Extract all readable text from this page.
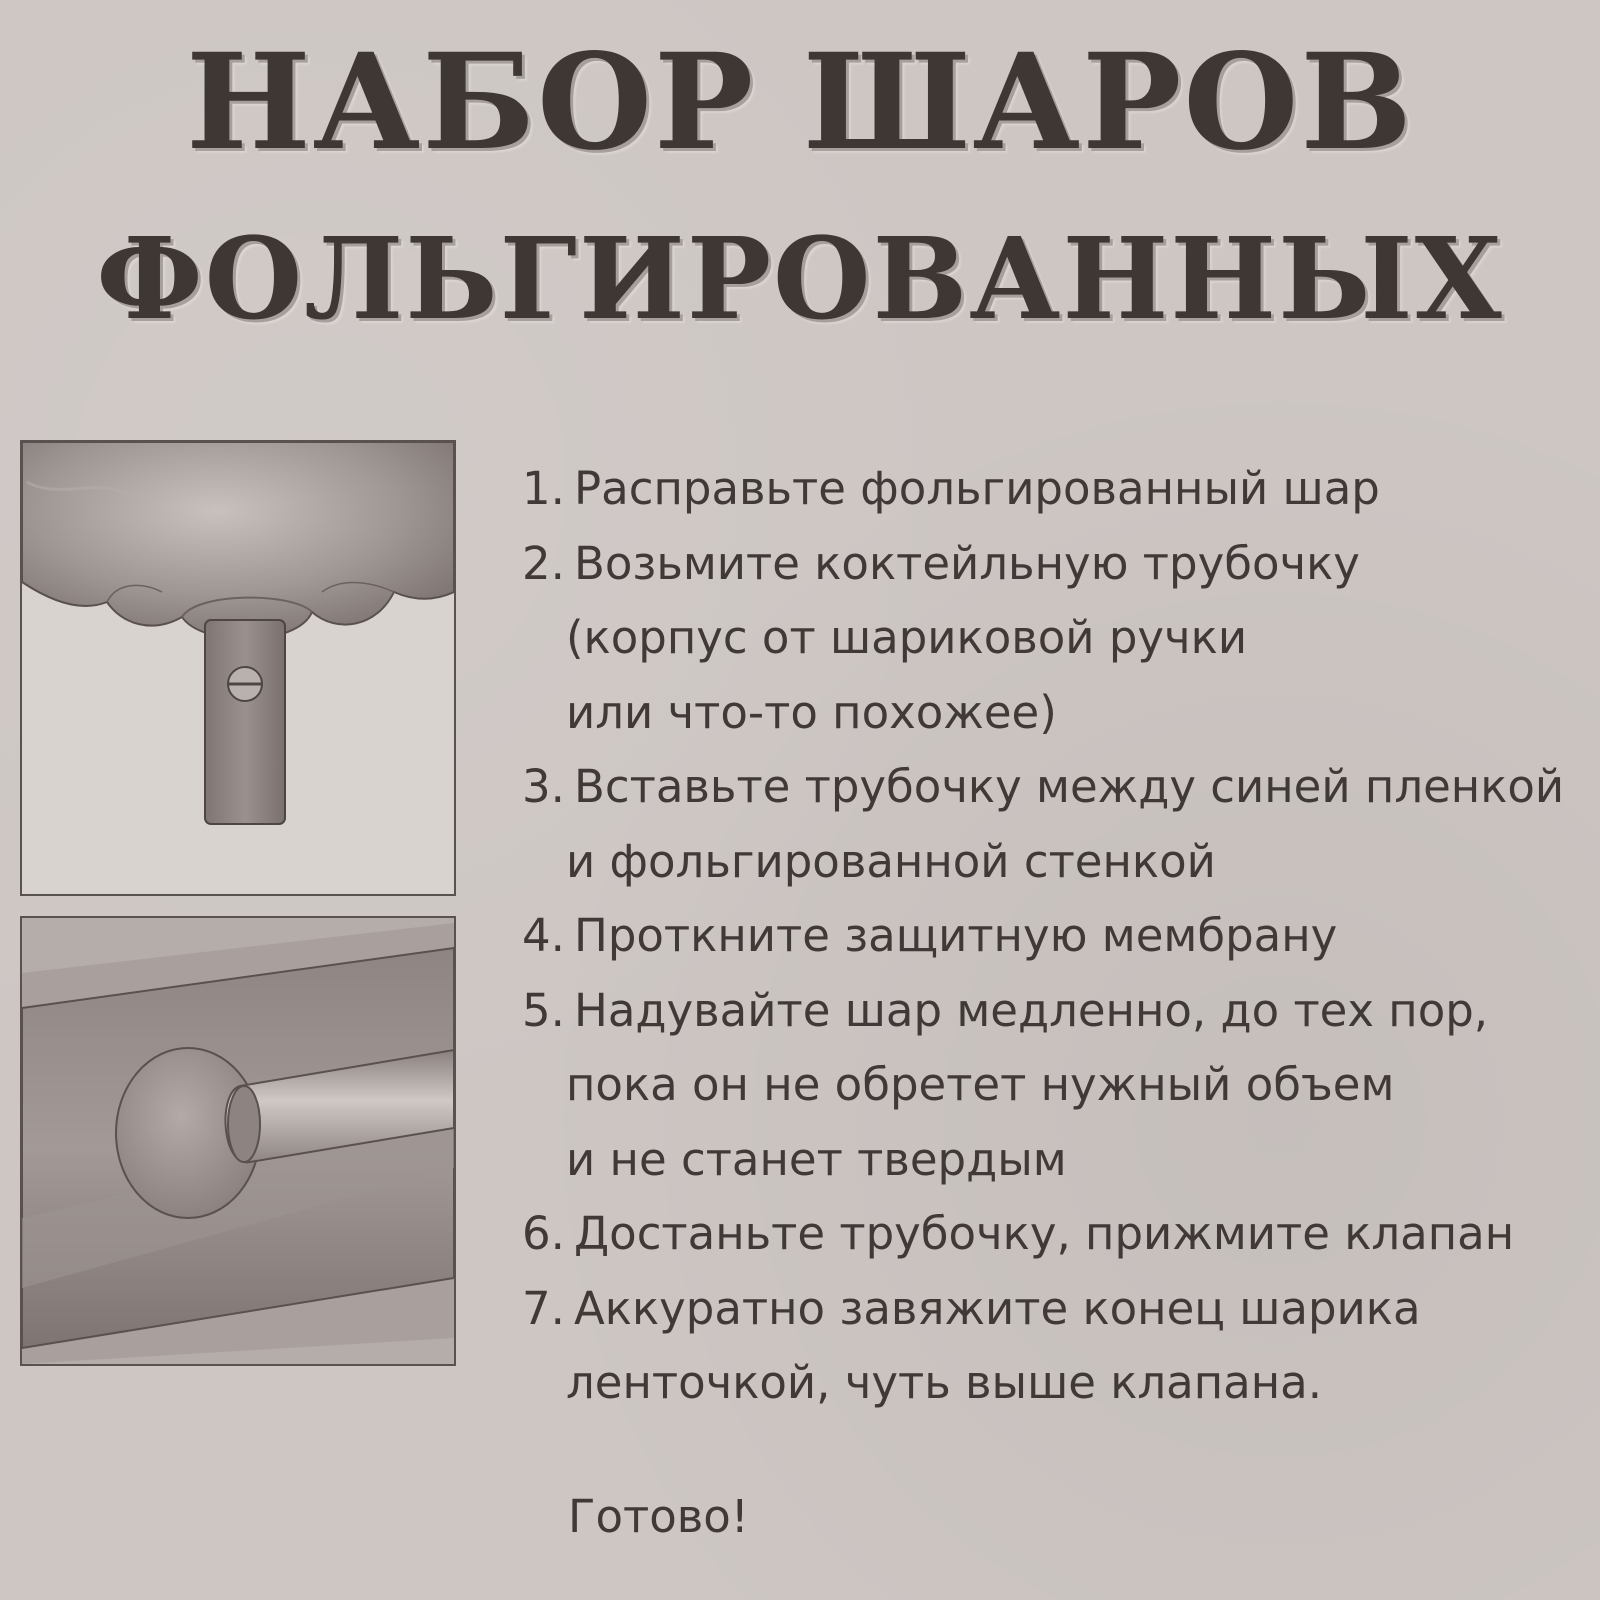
НАБОР ШАРОВ
ФОЛЬГИРОВАННЫХ
1. Расправьте фольгированный шар
2. Возьмите коктейльную трубочку
(корпус от шариковой ручки
или что-то похожее)
3. Вставьте трубочку между синей пленкой
и фольгированной стенкой
4. Проткните защитную мембрану
5. Надувайте шар медленно, до тех пор,
пока он не обретет нужный объем
и не станет твердым
6. Достаньте трубочку, прижмите клапан
7. Аккуратно завяжите конец шарика
ленточкой, чуть выше клапана.
Готово!
